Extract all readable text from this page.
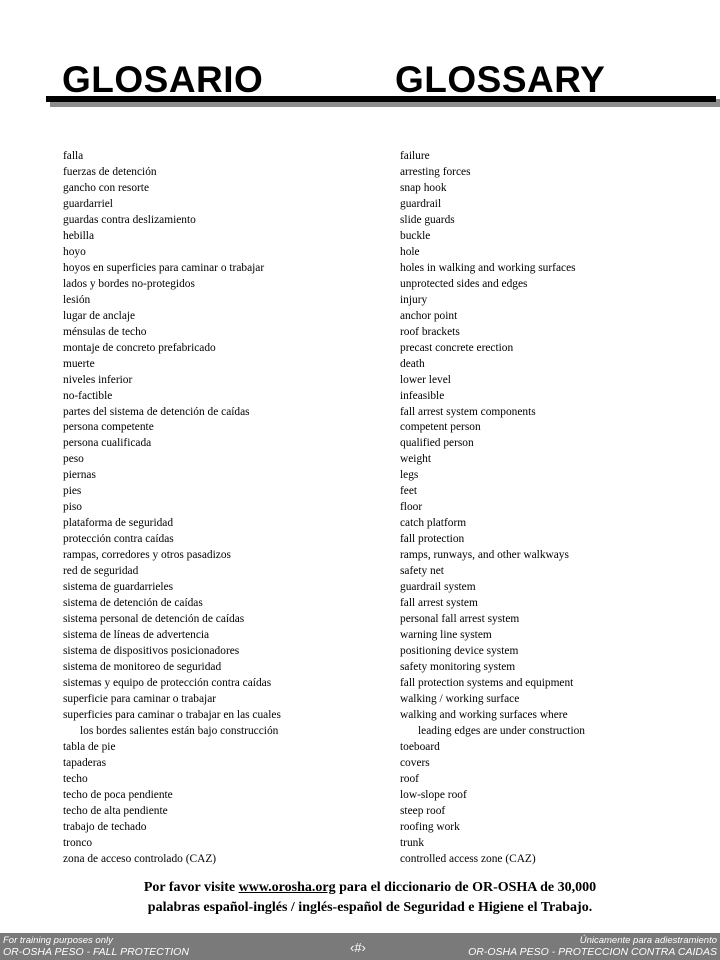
GLOSARIO	GLOSSARY
falla	failure
fuerzas de detención	arresting forces
gancho con resorte	snap hook
guardarriel	guardrail
guardas contra deslizamiento	slide guards
hebilla	buckle
hoyo	hole
hoyos en superficies para caminar o trabajar	holes in walking and working surfaces
lados y bordes no-protegidos	unprotected sides and edges
lesión	injury
lugar de anclaje	anchor point
ménsulas de techo	roof brackets
montaje de concreto prefabricado	precast concrete erection
muerte	death
niveles inferior	lower level
no-factible	infeasible
partes del sistema de detención de caídas	fall arrest system components
persona competente	competent person
persona cualificada	qualified person
peso	weight
piernas	legs
pies	feet
piso	floor
plataforma de seguridad	catch platform
protección contra caídas	fall protection
rampas, corredores y otros pasadizos	ramps, runways, and other walkways
red de seguridad	safety net
sistema de guardarrieles	guardrail system
sistema de detención de caídas	fall arrest system
sistema personal de detención de caídas	personal fall arrest system
sistema de líneas de advertencia	warning line system
sistema de dispositivos posicionadores	positioning device system
sistema de monitoreo de seguridad	safety monitoring system
sistemas y equipo de protección contra caídas	fall protection systems and equipment
superficie para caminar o trabajar	walking / working surface
superficies para caminar o trabajar en las cuales	walking and working surfaces where
los bordes salientes están bajo construcción	leading edges are under construction
tabla de pie	toeboard
tapaderas	covers
techo	roof
techo de poca pendiente	low-slope roof
techo de alta pendiente	steep roof
trabajo de techado	roofing work
tronco	trunk
zona de acceso controlado (CAZ)	controlled access zone (CAZ)
Por favor visite www.orosha.org para el diccionario de OR-OSHA de 30,000
palabras español-inglés / inglés-español de Seguridad e Higiene el Trabajo.
For training purposes only
OR-OSHA PESO - FALL PROTECTION	‹#›	Únicamente para adiestramiento
OR-OSHA PESO - PROTECCION CONTRA CAIDAS
